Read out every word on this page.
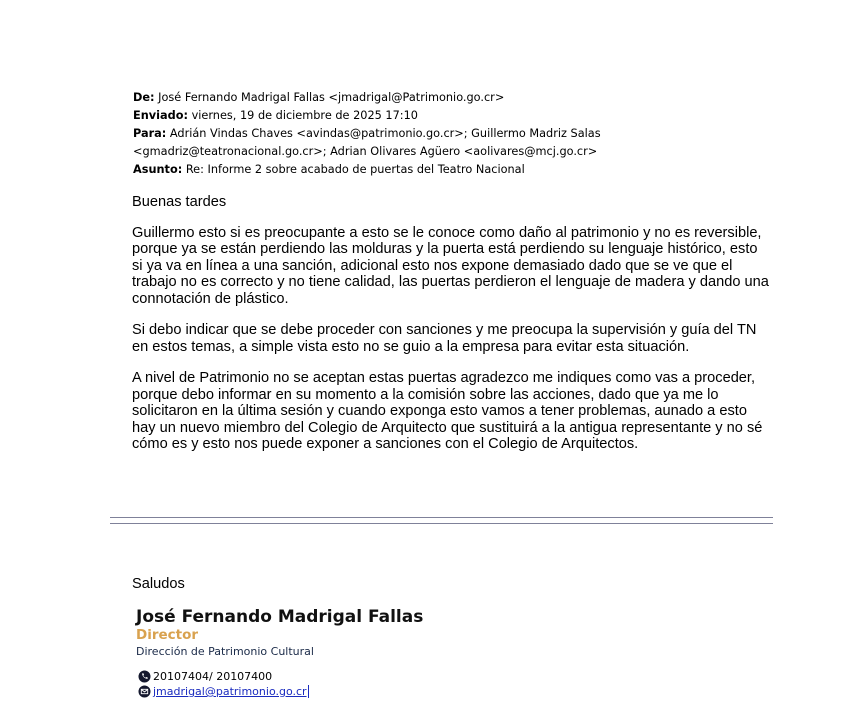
De: José Fernando Madrigal Fallas <jmadrigal@Patrimonio.go.cr>
Enviado: viernes, 19 de diciembre de 2025 17:10
Para: Adrián Vindas Chaves <avindas@patrimonio.go.cr>; Guillermo Madriz Salas
<gmadriz@teatronacional.go.cr>; Adrian Olivares Agüero <aolivares@mcj.go.cr>
Asunto: Re: Informe 2 sobre acabado de puertas del Teatro Nacional

Buenas tardes

Guillermo esto si es preocupante a esto se le conoce como daño al patrimonio y no es reversible, porque ya se están perdiendo las molduras y la puerta está perdiendo su lenguaje histórico, esto si ya va en línea a una sanción, adicional esto nos expone demasiado dado que se ve que el trabajo no es correcto y no tiene calidad, las puertas perdieron el lenguaje de madera y dando una connotación de plástico.

Si debo indicar que se debe proceder con sanciones y me preocupa la supervisión y guía del TN en estos temas, a simple vista esto no se guio a la empresa para evitar esta situación.

A nivel de Patrimonio no se aceptan estas puertas agradezco me indiques como vas a proceder, porque debo informar en su momento a la comisión sobre las acciones, dado que ya me lo solicitaron en la última sesión y cuando exponga esto vamos a tener problemas, aunado a esto hay un nuevo miembro del Colegio de Arquitecto que sustituirá a la antigua representante y no sé cómo es y esto nos puede exponer a sanciones con el Colegio de Arquitectos.

Saludos
José Fernando Madrigal Fallas
Director
Dirección de Patrimonio Cultural
20107404/ 20107400
jmadrigal@patrimonio.go.cr
